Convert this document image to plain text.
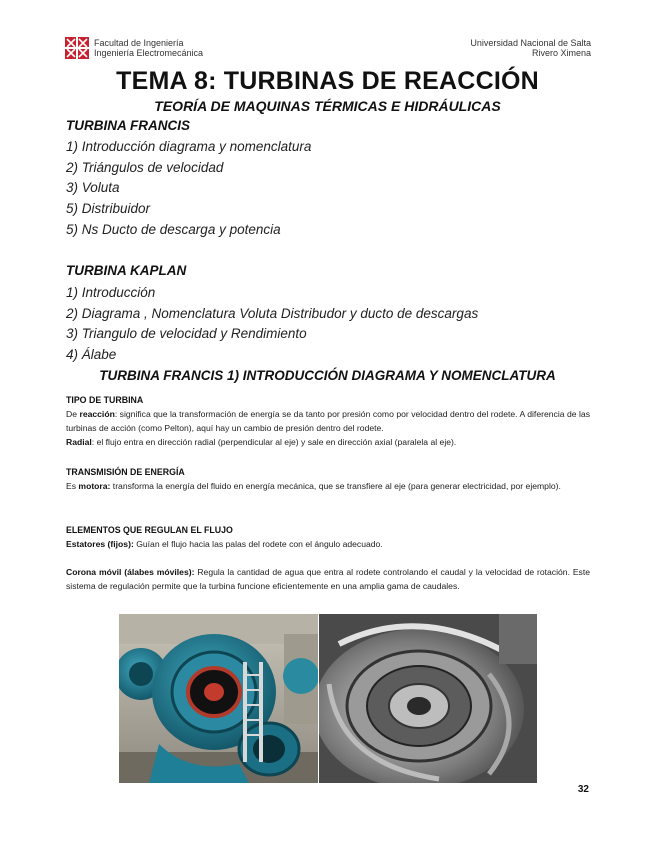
Facultad de Ingeniería
Ingeniería Electromecánica
Universidad Nacional de Salta
Rivero Ximena
TEMA 8: TURBINAS DE REACCIÓN
TEORÍA DE MAQUINAS TÉRMICAS E HIDRÁULICAS
TURBINA FRANCIS
1) Introducción diagrama y nomenclatura
2) Triángulos de velocidad
3) Voluta
5) Distribuidor
5) Ns Ducto de descarga y potencia
TURBINA KAPLAN
1) Introducción
2) Diagrama , Nomenclatura Voluta Distribudor y ducto de descargas
3) Triangulo de velocidad y Rendimiento
4) Álabe
TURBINA FRANCIS 1) INTRODUCCIÓN DIAGRAMA Y NOMENCLATURA
TIPO DE TURBINA

De reacción: significa que la transformación de energía se da tanto por presión como por velocidad dentro del rodete. A diferencia de las turbinas de acción (como Pelton), aquí hay un cambio de presión dentro del rodete.

Radial: el flujo entra en dirección radial (perpendicular al eje) y sale en dirección axial (paralela al eje).

TRANSMISIÓN DE ENERGÍA

Es motora: transforma la energía del fluido en energía mecánica, que se transfiere al eje (para generar electricidad, por ejemplo).

ELEMENTOS QUE REGULAN EL FLUJO

Estatores (fijos): Guían el flujo hacia las palas del rodete con el ángulo adecuado.

Corona móvil (álabes móviles): Regula la cantidad de agua que entra al rodete controlando el caudal y la velocidad de rotación. Este sistema de regulación permite que la turbina funcione eficientemente en una amplia gama de caudales.

32
